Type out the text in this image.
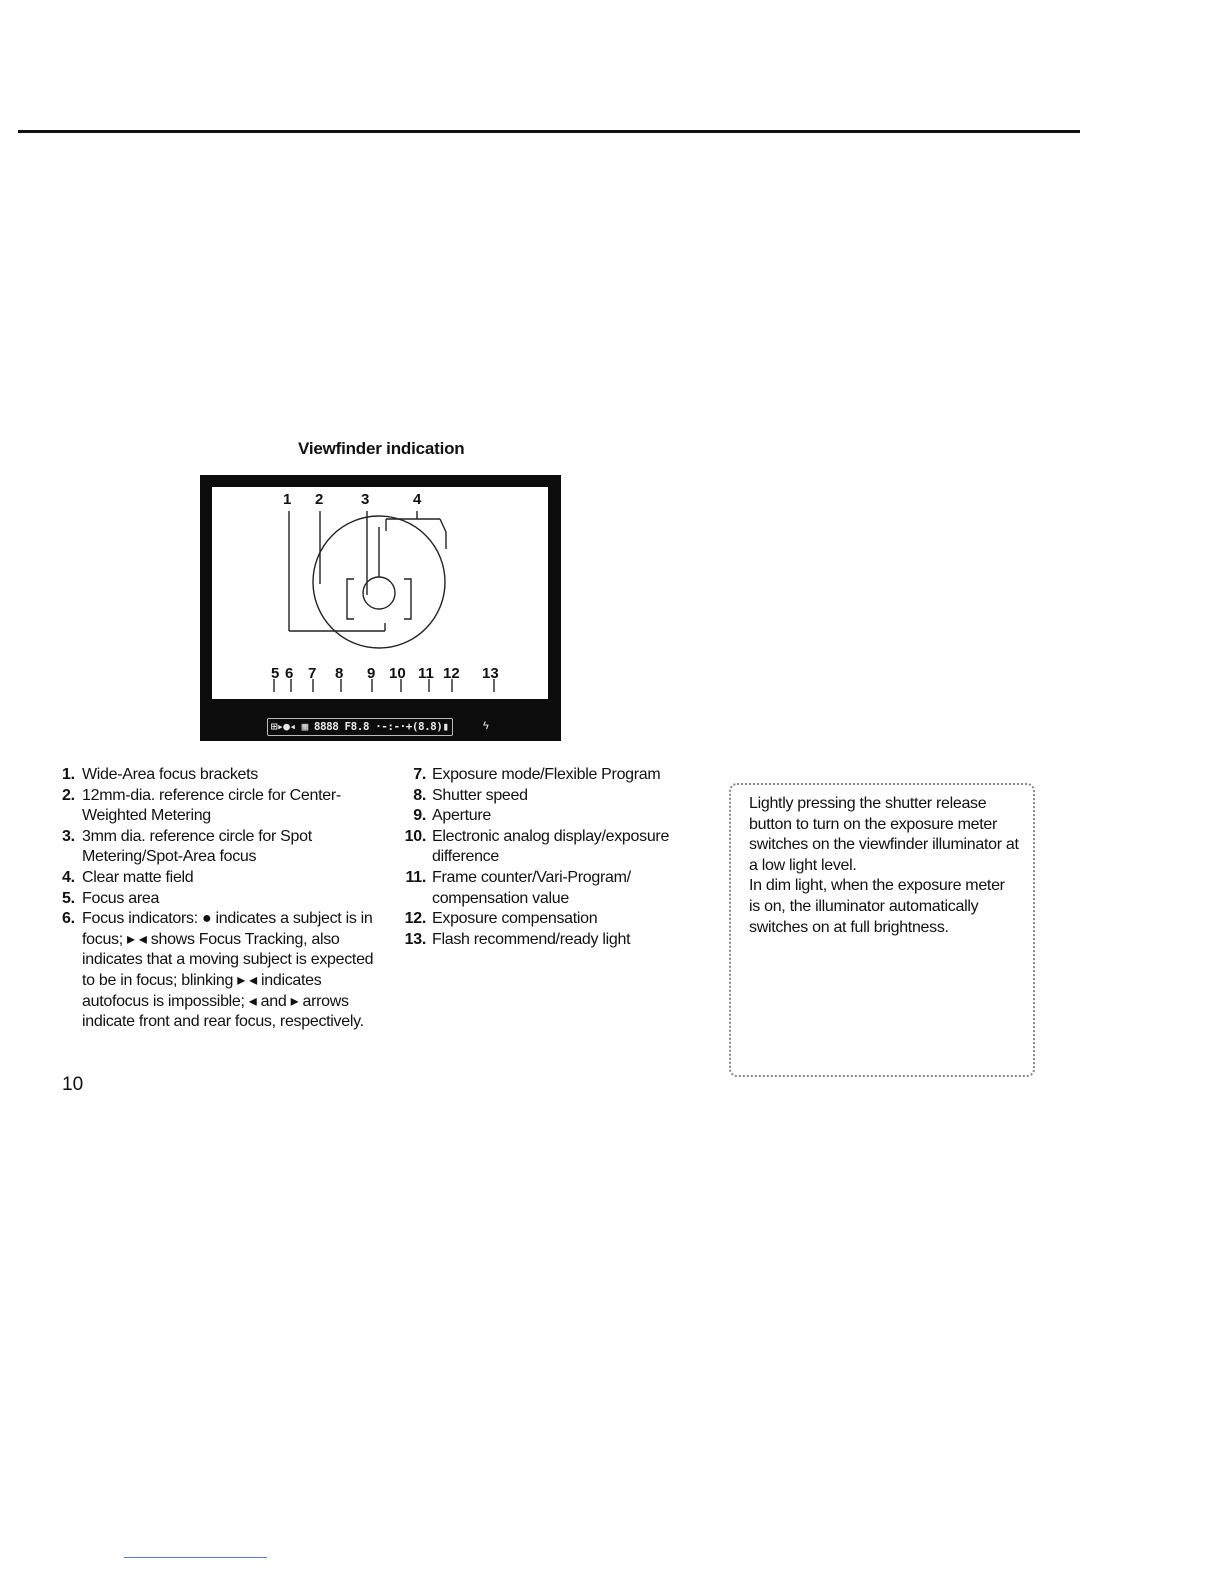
Viewfinder indication
⊞▸●◂ ▦ 8888 F8.8 ·-:-·+(8.8)▮	ϟ
1 2	3	4
5 6 7 8 9 10 11 12 13
1. Wide-Area focus brackets
2. 12mm-dia. reference circle for Center-Weighted Metering
3. 3mm dia. reference circle for Spot Metering/Spot-Area focus
4. Clear matte field
5. Focus area
6. Focus indicators: ● indicates a subject is in focus; ▸ ◂ shows Focus Tracking, also indicates that a moving subject is expected to be in focus; blinking ▸ ◂ indicates autofocus is impossible; ◂ and ▸ arrows indicate front and rear focus, respectively.
7. Exposure mode/Flexible Program
8. Shutter speed
9. Aperture
10. Electronic analog display/exposure difference
11. Frame counter/Vari-Program/ compensation value
12. Exposure compensation
13. Flash recommend/ready light

Lightly pressing the shutter release button to turn on the exposure meter switches on the viewfinder illuminator at a low light level.

In dim light, when the exposure meter is on, the illuminator automatically switches on at full brightness.

10
